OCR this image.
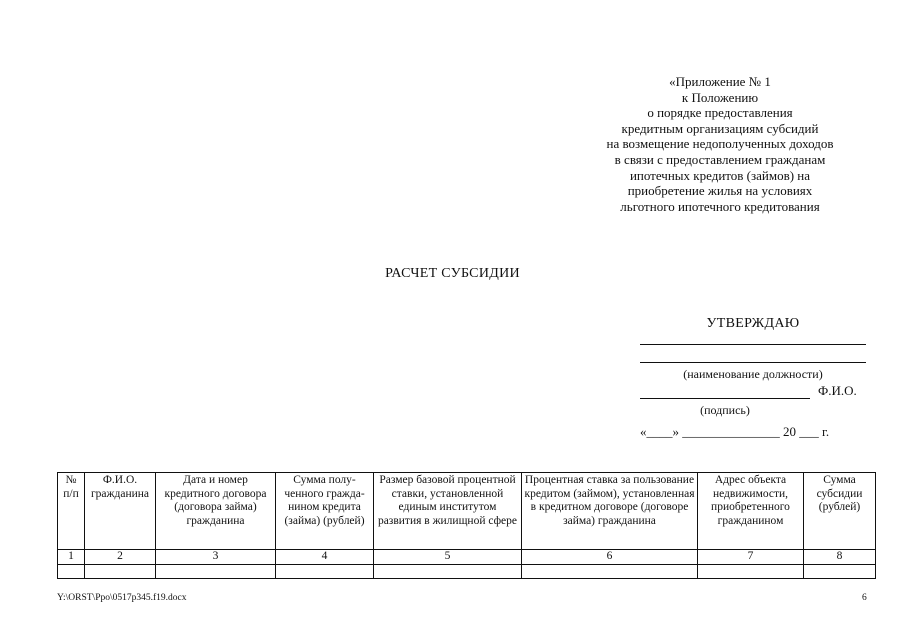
«Приложение № 1
к Положению
о порядке предоставления
кредитным организациям субсидий
на возмещение недополученных доходов
в связи с предоставлением гражданам
ипотечных кредитов (займов) на
приобретение жилья на условиях
льготного ипотечного кредитования
РАСЧЕТ СУБСИДИИ
УТВЕРЖДАЮ
(наименование должности)
Ф.И.О.
(подпись)
«____» _______________ 20 ___ г.
№ п/п	Ф.И.О. гражданина	Дата и номер кредитного договора (договора займа) гражданина	Сумма полу-ченного гражда-нином кредита (займа) (рублей)	Размер базовой процентной ставки, установленной единым институтом развития в жилищной сфере	Процентная ставка за пользование кредитом (займом), установленная в кредитном договоре (договоре займа) гражданина	Адрес объекта недвижимости, приобретенного гражданином	Сумма субсидии (рублей)
1	2	3	4	5	6	7	8

Y:\ORST\Ppo\0517p345.f19.docx	6
